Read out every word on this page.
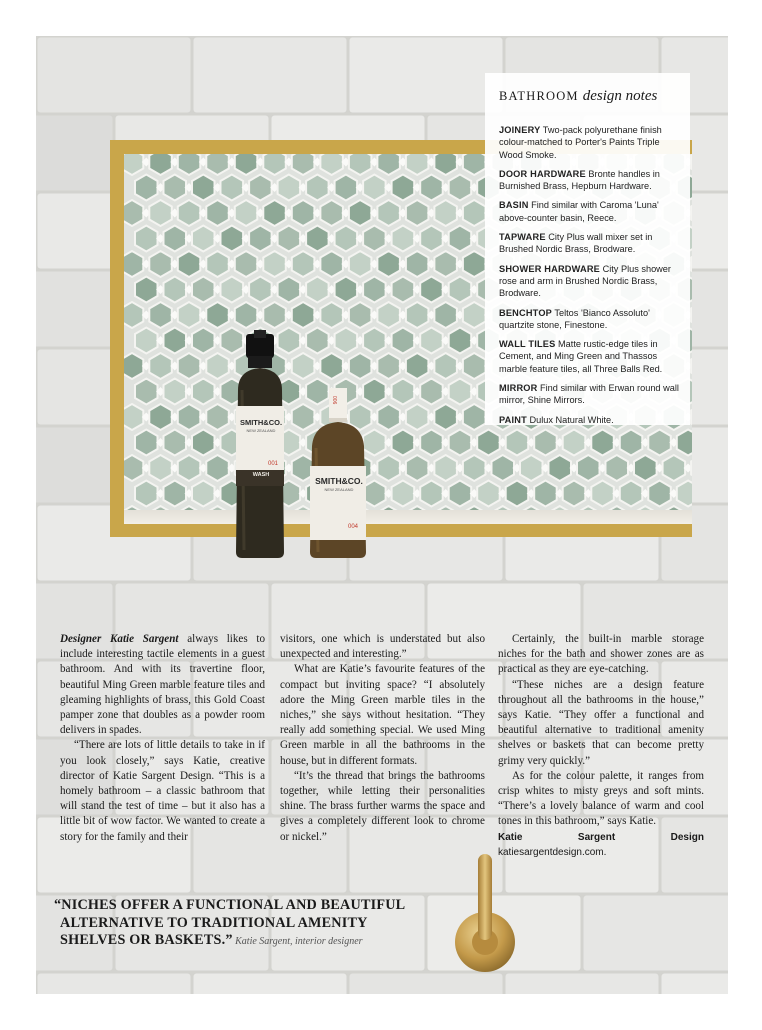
SMITH&CO.
NEW ZEALAND
001
WASH
006
SMITH&CO.
NEW ZEALAND
004
BATHROOM design notes
JOINERY Two-pack polyurethane finish colour-matched to Porter's Paints Triple Wood Smoke.
DOOR HARDWARE Bronte handles in Burnished Brass, Hepburn Hardware.
BASIN Find similar with Caroma 'Luna' above-counter basin, Reece.
TAPWARE City Plus wall mixer set in Brushed Nordic Brass, Brodware.
SHOWER HARDWARE City Plus shower rose and arm in Brushed Nordic Brass, Brodware.
BENCHTOP Teltos 'Bianco Assoluto' quartzite stone, Finestone.
WALL TILES Matte rustic-edge tiles in Cement, and Ming Green and Thassos marble feature tiles, all Three Balls Red.
MIRROR Find similar with Erwan round wall mirror, Shine Mirrors.
PAINT Dulux Natural White.

Designer Katie Sargent always likes to include interesting tactile elements in a guest bathroom. And with its travertine floor, beautiful Ming Green marble feature tiles and gleaming highlights of brass, this Gold Coast pamper zone that doubles as a powder room delivers in spades.

“There are lots of little details to take in if you look closely,” says Katie, creative director of Katie Sargent Design. “This is a homely bathroom – a classic bathroom that will stand the test of time – but it also has a little bit of wow factor. We wanted to create a story for the family and their

visitors, one which is understated but also unexpected and interesting.”

What are Katie’s favourite features of the compact but inviting space? “I absolutely adore the Ming Green marble tiles in the niches,” she says without hesitation. “They really add something special. We used Ming Green marble in all the bathrooms in the house, but in different formats.

“It’s the thread that brings the bathrooms together, while letting their personalities shine. The brass further warms the space and gives a completely different look to chrome or nickel.”

Certainly, the built-in marble storage niches for the bath and shower zones are as practical as they are eye-catching.

“These niches are a design feature throughout all the bathrooms in the house,” says Katie. “They offer a functional and beautiful alternative to traditional amenity shelves or baskets that can become pretty grimy very quickly.”

As for the colour palette, it ranges from crisp whites to misty greys and soft mints. “There’s a lovely balance of warm and cool tones in this bathroom,” says Katie.

Katie Sargent Design katiesargentdesign.com.

“NICHES OFFER A FUNCTIONAL AND BEAUTIFUL
ALTERNATIVE TO TRADITIONAL AMENITY
SHELVES OR BASKETS.” Katie Sargent, interior designer
